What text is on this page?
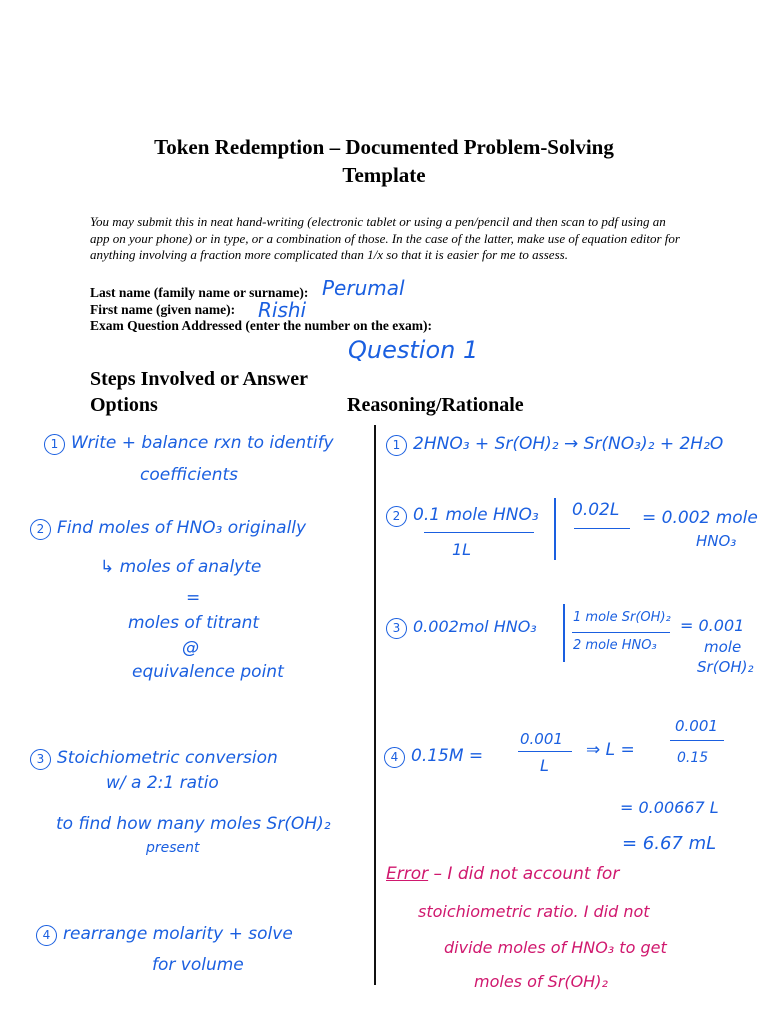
Token Redemption – Documented Problem-Solving
Template
You may submit this in neat hand-writing (electronic tablet or using a pen/pencil and then scan to pdf using an app on your phone) or in type, or a combination of those. In the case of the latter, make use of equation editor for anything involving a fraction more complicated than 1/x so that it is easier for me to assess.
Last name (family name or surname): Perumal
First name (given name): Rishi
Exam Question Addressed (enter the number on the exam):
Question 1
Steps Involved or Answer
Options	Reasoning/Rationale
1 Write + balance rxn to identify
coefficients
2 Find moles of HNO₃ originally
↳ moles of analyte
=
moles of titrant
@
equivalence point
3 Stoichiometric conversion
w/ a 2:1 ratio
to find how many moles Sr(OH)₂
present
4 rearrange molarity + solve
for volume
1 2HNO₃ + Sr(OH)₂ → Sr(NO₃)₂ + 2H₂O
2 0.1 mole HNO₃
1L
0.02L = 0.002 mole
HNO₃
3 0.002mol HNO₃	1 mole Sr(OH)₂
2 mole HNO₃
= 0.001
mole
Sr(OH)₂
4 0.15M =
0.001
L
⇒ L =
0.001
0.15
= 0.00667 L
= 6.67 mL
Error – I did not account for
stoichiometric ratio. I did not
divide moles of HNO₃ to get
moles of Sr(OH)₂
